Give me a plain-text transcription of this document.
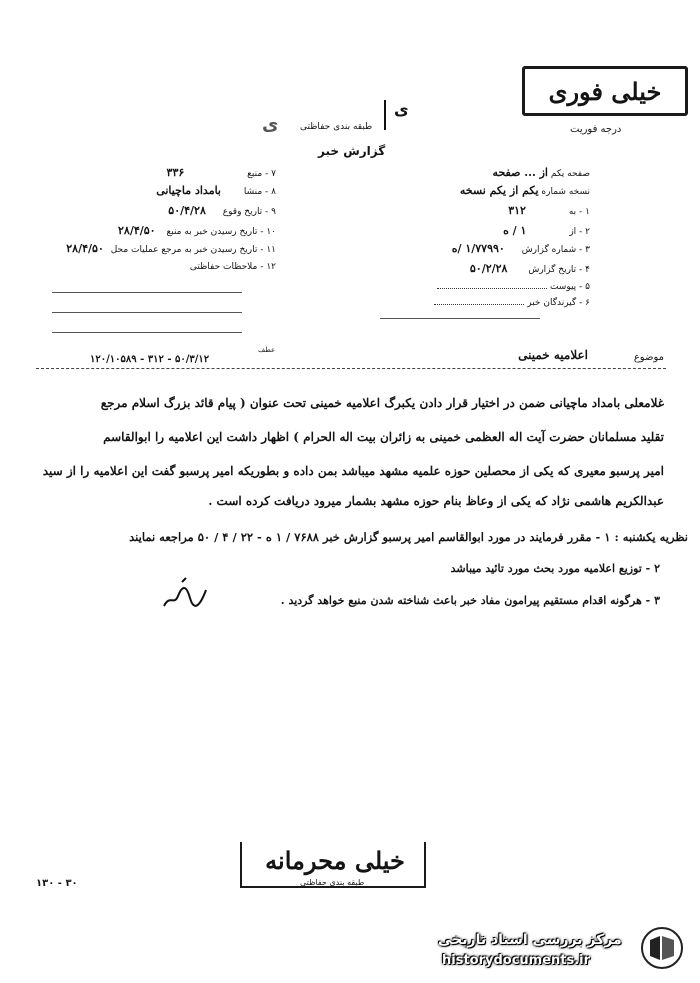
خیلی فوری
درجه فوریت
ی	طبقه بندی حفاظتی
ی
گزارش خبر
صفحه یکم از ... صفحه
نسخه شماره یکم از یکم نسخه
۱ - به ۳۱۲
۲ - از ۱ / ه
۳ - شماره گزارش ۱/۷۷۹۹۰ /ه
۴ - تاریخ گزارش ۵۰/۲/۲۸
۵ - پیوست
۶ - گیرندگان خبر
۷ - منبع ۳۳۶
۸ - منشا بامداد ماچیانی
۹ - تاریخ وقوع ۵۰/۴/۲۸
۱۰ - تاریخ رسیدن خبر به منبع ۲۸/۴/۵۰
۱۱ - تاریخ رسیدن خبر به مرجع عملیات محل ۲۸/۴/۵۰
۱۲ - ملاحظات حفاظتی
موضوع
اعلامیه خمینی
عطف
۵۰/۳/۱۲ - ۳۱۲ - ۱۲۰/۱۰۵۸۹
غلامعلی بامداد ماچیانی ضمن در اختیار قرار دادن یکبرگ اعلامیه خمینی تحت عنوان ( پیام قائد بزرگ اسلام مرجع
تقلید مسلمانان حضرت آیت اله العظمی خمینی به زائران بیت اله الحرام ) اظهار داشت این اعلامیه را ابوالقاسم
امیر پرسبو معیری که یکی از محصلین حوزه علمیه مشهد میباشد بمن داده و بطوریکه امیر پرسبو گفت این اعلامیه را از سید
عبدالکریم هاشمی نژاد که یکی از وعاظ بنام حوزه مشهد بشمار میرود دریافت کرده است .
نظریه یکشنبه : ۱ - مقرر فرمایند در مورد ابوالقاسم امیر پرسبو گزارش خبر ۷۶۸۸ / ۱ ه - ۲۲ / ۴ / ۵۰ مراجعه نمایند
۲ - توزیع اعلامیه مورد بحث مورد تائید میباشد
۳ - هرگونه اقدام مستقیم پیرامون مفاد خبر باعث شناخته شدن منبع خواهد گردید .
خیلی محرمانه
طبقه بندی حفاظتی
۳۰ - ۱۳۰
مرکز بررسی اسناد تاریخی
historydocuments.ir
